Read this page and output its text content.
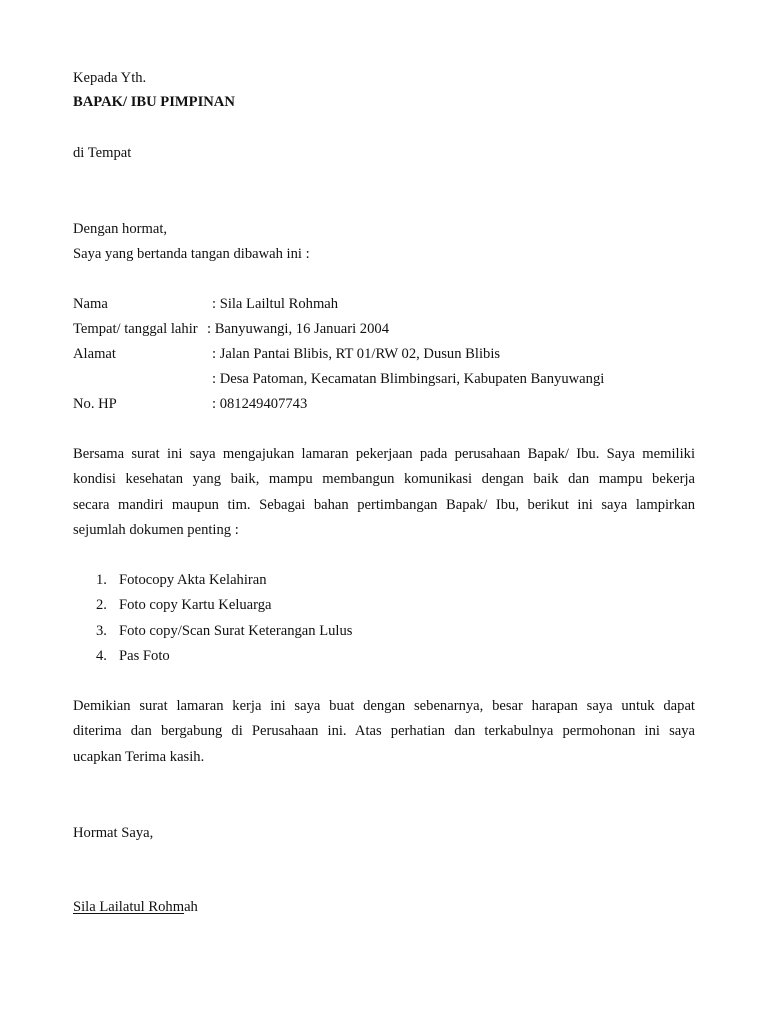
Kepada Yth.
BAPAK/ IBU PIMPINAN
di Tempat
Dengan hormat,
Saya yang bertanda tangan dibawah ini :
Nama	: Sila Lailtul Rohmah
Tempat/ tanggal lahir : Banyuwangi, 16 Januari 2004
Alamat	: Jalan Pantai Blibis, RT 01/RW 02, Dusun Blibis
: Desa Patoman, Kecamatan Blimbingsari, Kabupaten Banyuwangi
No. HP	: 081249407743
Bersama surat ini saya mengajukan lamaran pekerjaan pada perusahaan Bapak/ Ibu. Saya memiliki
kondisi kesehatan yang baik, mampu membangun komunikasi dengan baik dan mampu bekerja
secara mandiri maupun tim. Sebagai bahan pertimbangan Bapak/ Ibu, berikut ini saya lampirkan
sejumlah dokumen penting :
1. Fotocopy Akta Kelahiran
2. Foto copy Kartu Keluarga
3. Foto copy/Scan Surat Keterangan Lulus
4. Pas Foto
Demikian surat lamaran kerja ini saya buat dengan sebenarnya, besar harapan saya untuk dapat
diterima dan bergabung di Perusahaan ini. Atas perhatian dan terkabulnya permohonan ini saya
ucapkan Terima kasih.
Hormat Saya,
Sila Lailatul Rohmah
